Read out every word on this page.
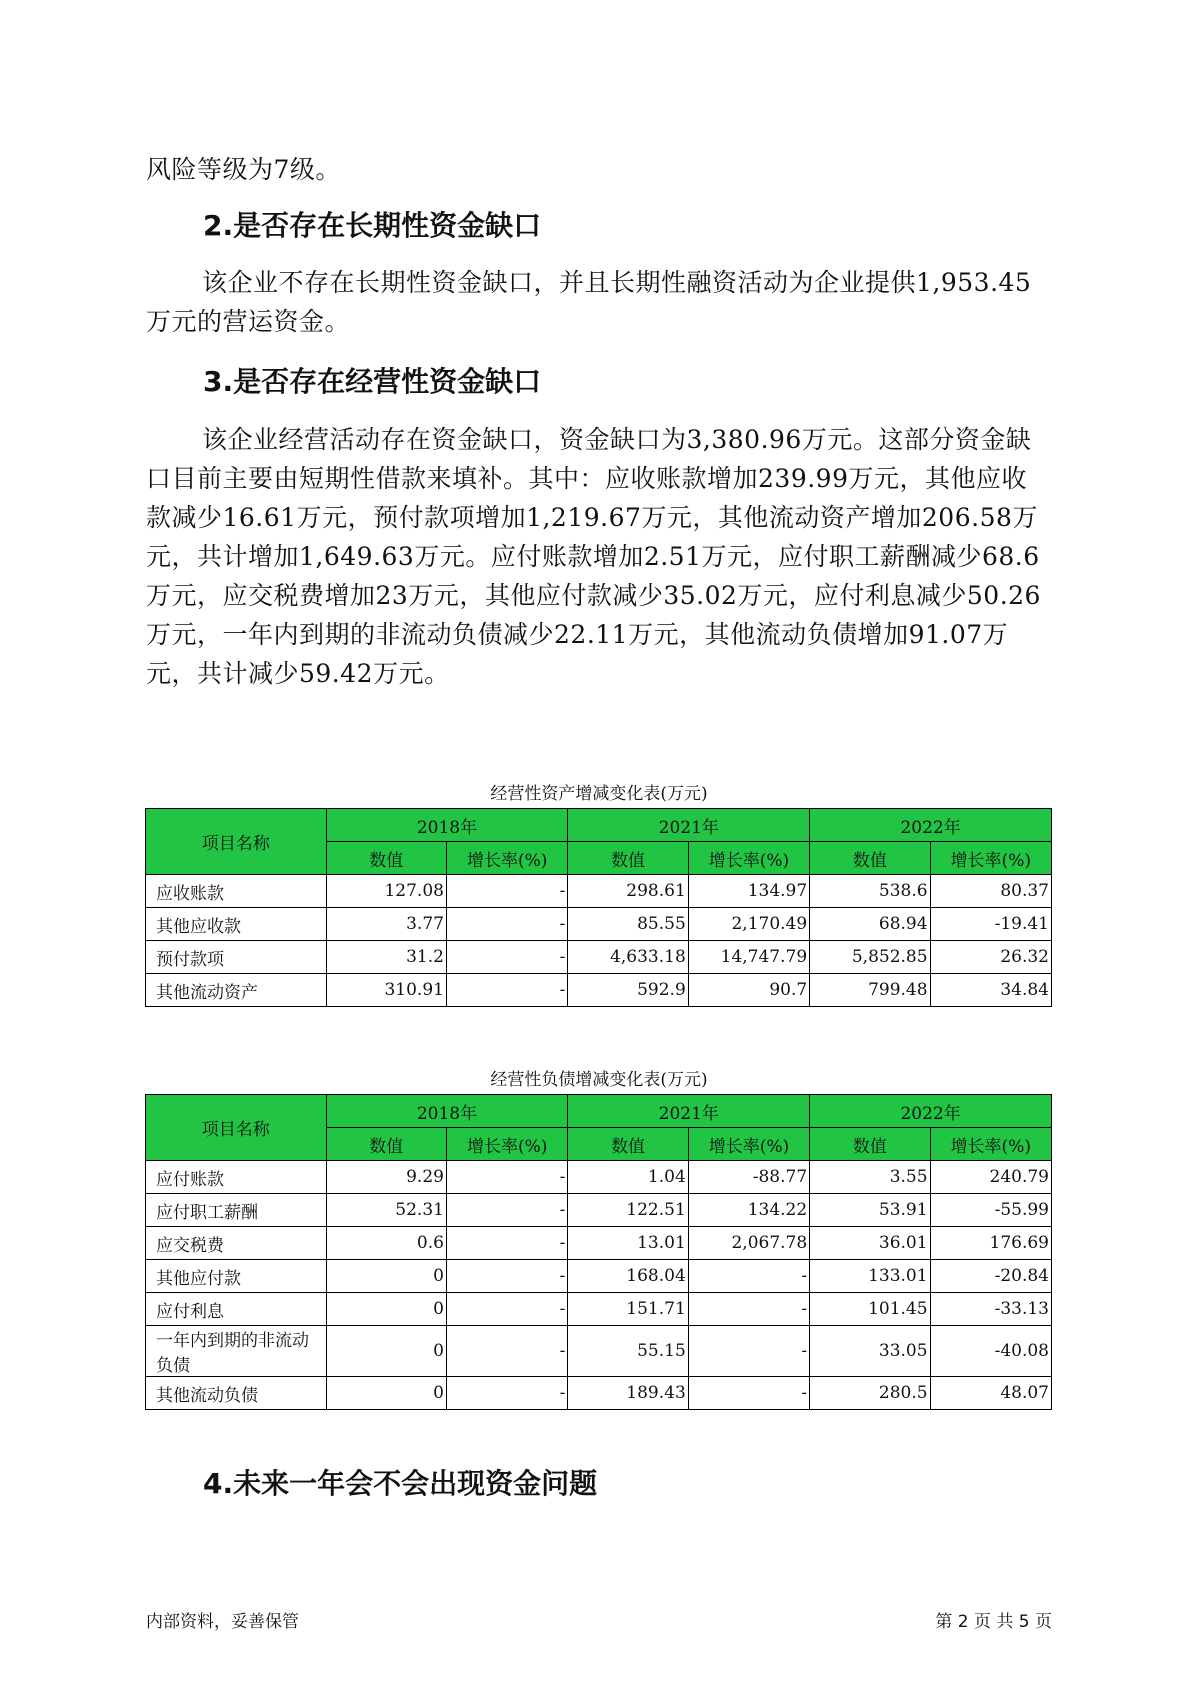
风险等级为7级。

2.是否存在长期性资金缺口

该企业不存在长期性资金缺口，并且长期性融资活动为企业提供1,953.45万元的营运资金。

3.是否存在经营性资金缺口

该企业经营活动存在资金缺口，资金缺口为3,380.96万元。这部分资金缺口目前主要由短期性借款来填补。其中：应收账款增加239.99万元，其他应收款减少16.61万元，预付款项增加1,219.67万元，其他流动资产增加206.58万元，共计增加1,649.63万元。应付账款增加2.51万元，应付职工薪酬减少68.6万元，应交税费增加23万元，其他应付款减少35.02万元，应付利息减少50.26万元，一年内到期的非流动负债减少22.11万元，其他流动负债增加91.07万元，共计减少59.42万元。

经营性资产增减变化表(万元)

项目名称	2018年		2021年		2022年	
	数值	增长率(%)	数值	增长率(%)	数值	增长率(%)
应收账款	127.08	-	298.61	134.97	538.6	80.37
其他应收款	3.77	-	85.55	2,170.49	68.94	-19.41
预付款项	31.2	-	4,633.18	14,747.79	5,852.85	26.32
其他流动资产	310.91	-	592.9	90.7	799.48	34.84

经营性负债增减变化表(万元)

项目名称	2018年		2021年		2022年	
	数值	增长率(%)	数值	增长率(%)	数值	增长率(%)
应付账款	9.29	-	1.04	-88.77	3.55	240.79
应付职工薪酬	52.31	-	122.51	134.22	53.91	-55.99
应交税费	0.6	-	13.01	2,067.78	36.01	176.69
其他应付款	0	-	168.04	-	133.01	-20.84
应付利息	0	-	151.71	-	101.45	-33.13
一年内到期的非流动负债	0	-	55.15	-	33.05	-40.08
其他流动负债	0	-	189.43	-	280.5	48.07
4.未来一年会不会出现资金问题

内部资料，妥善保管	第 2 页 共 5 页
